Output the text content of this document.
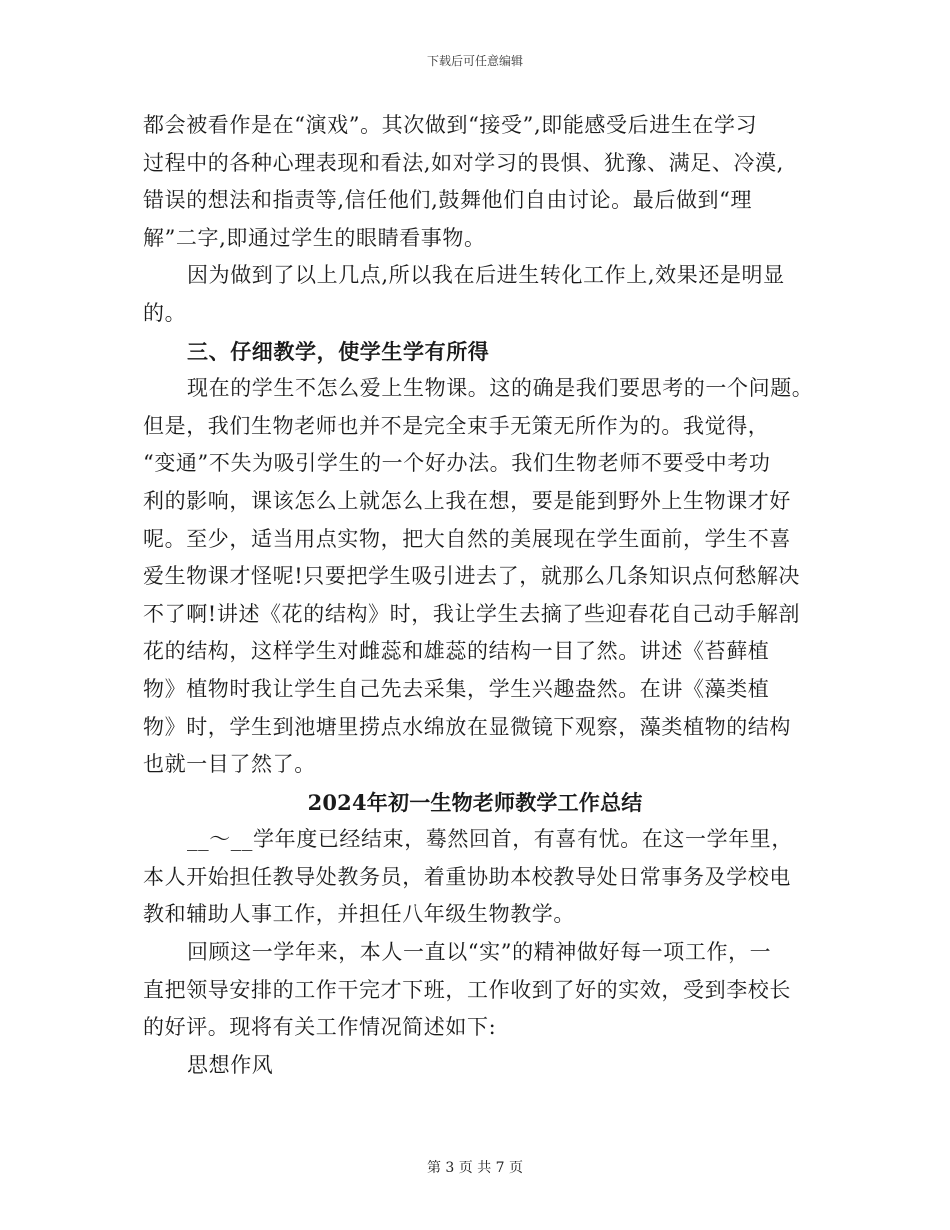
下载后可任意编辑
都会被看作是在“演戏”。其次做到“接受”,即能感受后进生在学习
过程中的各种心理表现和看法,如对学习的畏惧、犹豫、满足、冷漠,
错误的想法和指责等,信任他们,鼓舞他们自由讨论。最后做到“理
解”二字,即通过学生的眼睛看事物。
因为做到了以上几点,所以我在后进生转化工作上,效果还是明显
的。
三、仔细教学，使学生学有所得
现在的学生不怎么爱上生物课。这的确是我们要思考的一个问题。
但是，我们生物老师也并不是完全束手无策无所作为的。我觉得，
“变通”不失为吸引学生的一个好办法。我们生物老师不要受中考功
利的影响，课该怎么上就怎么上我在想，要是能到野外上生物课才好
呢。至少，适当用点实物，把大自然的美展现在学生面前，学生不喜
爱生物课才怪呢!只要把学生吸引进去了，就那么几条知识点何愁解决
不了啊!讲述《花的结构》时，我让学生去摘了些迎春花自己动手解剖
花的结构，这样学生对雌蕊和雄蕊的结构一目了然。讲述《苔藓植
物》植物时我让学生自己先去采集，学生兴趣盎然。在讲《藻类植
物》时，学生到池塘里捞点水绵放在显微镜下观察，藻类植物的结构
也就一目了然了。
2024年初一生物老师教学工作总结
__～__学年度已经结束，蓦然回首，有喜有忧。在这一学年里，
本人开始担任教导处教务员，着重协助本校教导处日常事务及学校电
教和辅助人事工作，并担任八年级生物教学。
回顾这一学年来，本人一直以“实”的精神做好每一项工作，一
直把领导安排的工作干完才下班，工作收到了好的实效，受到李校长
的好评。现将有关工作情况简述如下:
思想作风
第 3 页 共 7 页
